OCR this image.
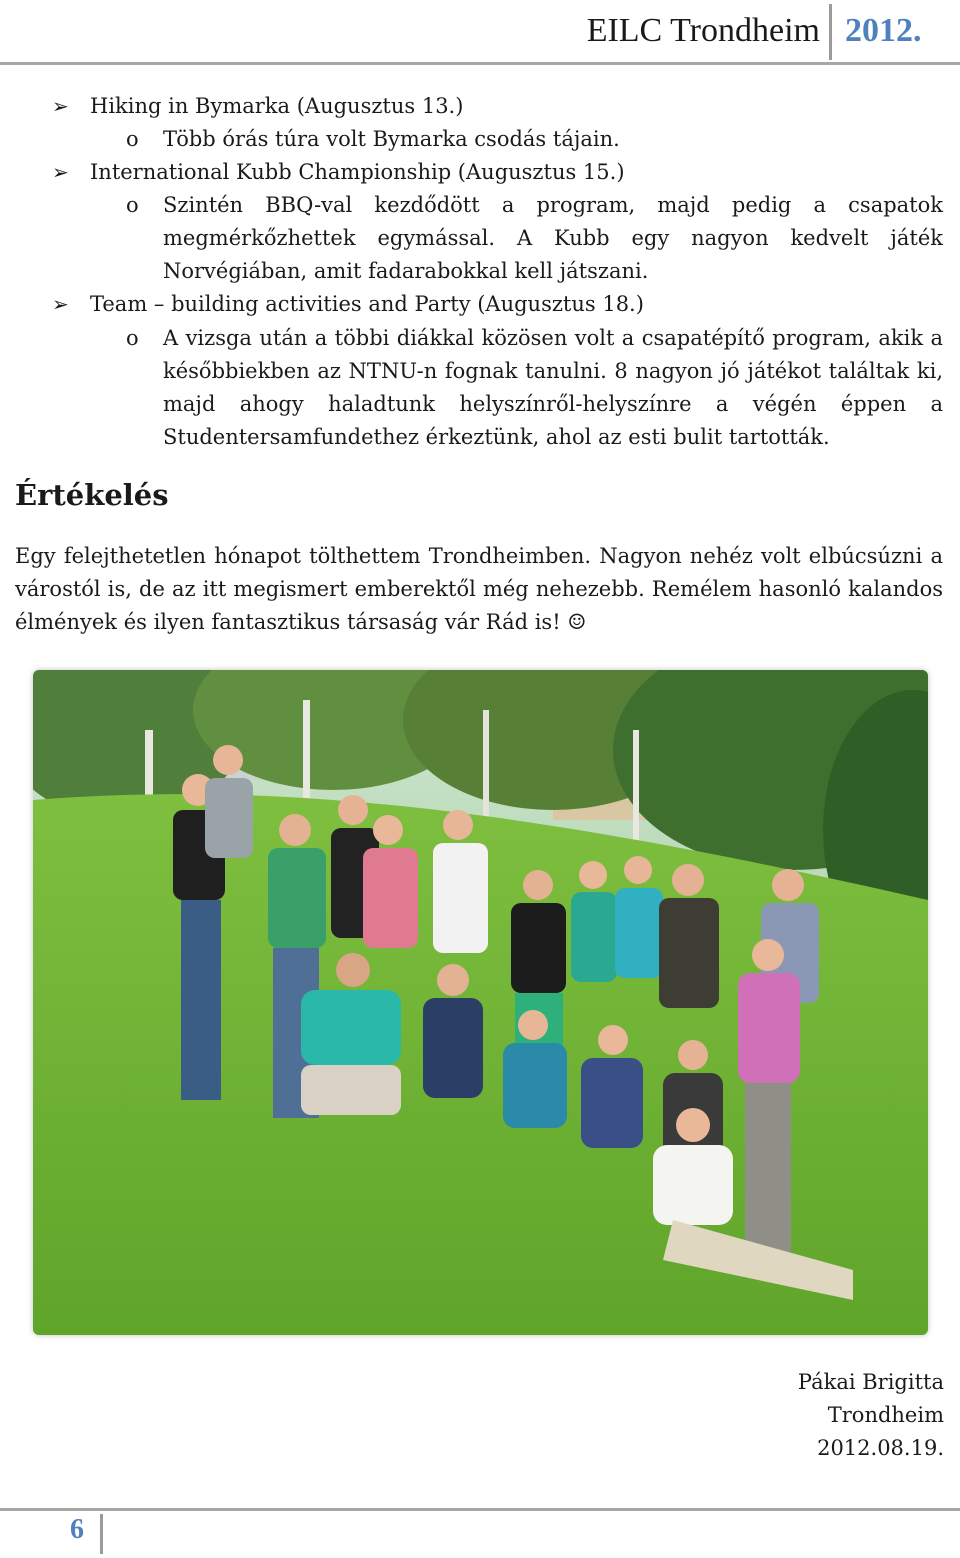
EILC Trondheim 2012.
➢ Hiking in Bymarka (Augusztus 13.)
o Több órás túra volt Bymarka csodás tájain.
➢ International Kubb Championship (Augusztus 15.)
o Szintén BBQ-val kezdődött a program, majd pedig a csapatok
megmérkőzhettek egymással. A Kubb egy nagyon kedvelt játék
Norvégiában, amit fadarabokkal kell játszani.
➢ Team – building activities and Party (Augusztus 18.)
o A vizsga után a többi diákkal közösen volt a csapatépítő program, akik a
későbbiekben az NTNU-n fognak tanulni. 8 nagyon jó játékot találtak ki,
majd ahogy haladtunk helyszínről-helyszínre a végén éppen a
Studentersamfundethez érkeztünk, ahol az esti bulit tartották.
Értékelés
Egy felejthetetlen hónapot tölthettem Trondheimben. Nagyon nehéz volt elbúcsúzni a
várostól is, de az itt megismert emberektől még nehezebb. Remélem hasonló kalandos
élmények és ilyen fantasztikus társaság vár Rád is! ☺
Pákai Brigitta
Trondheim
2012.08.19.
6
